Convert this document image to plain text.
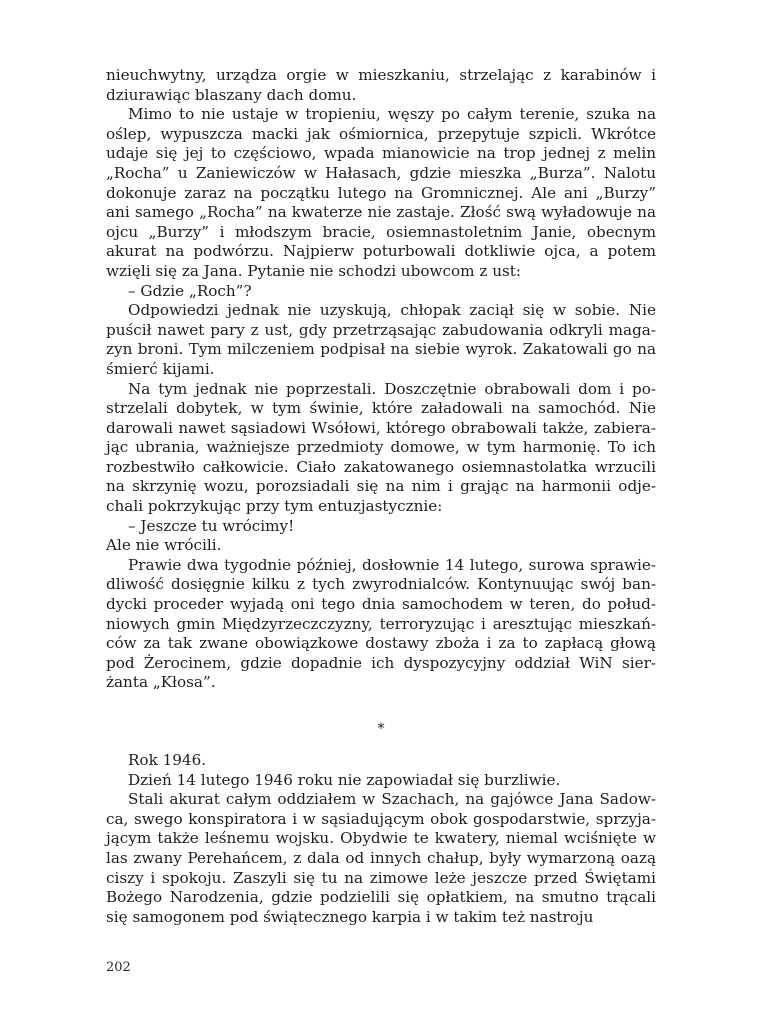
nieuchwytny, urządza orgie w mieszkaniu, strzelając z karabinów i dziurawiąc blaszany dach domu.

Mimo to nie ustaje w tropieniu, węszy po całym terenie, szuka na oślep, wypuszcza macki jak ośmiornica, przepytuje szpicli. Wkrótce udaje się jej to częściowo, wpada mianowicie na trop jednej z melin „Rocha” u Zaniewiczów w Hałasach, gdzie mieszka „Burza”. Nalotu dokonuje zaraz na początku lutego na Gromnicznej. Ale ani „Burzy” ani samego „Rocha” na kwaterze nie zastaje. Złość swą wyładowuje na ojcu „Burzy” i młodszym bracie, osiemnastoletnim Janie, obecnym akurat na podwórzu. Najpierw poturbowali dotkliwie ojca, a potem wzięli się za Jana. Pytanie nie schodzi ubowcom z ust:

– Gdzie „Roch”?

Odpowiedzi jednak nie uzyskują, chłopak zaciął się w sobie. Nie puścił nawet pary z ust, gdy przetrząsając zabudowania odkryli magazyn broni. Tym milczeniem podpisał na siebie wyrok. Zakatowali go na śmierć kijami.

Na tym jednak nie poprzestali. Doszczętnie obrabowali dom i postrzelali dobytek, w tym świnie, które załadowali na samochód. Nie darowali nawet sąsiadowi Wsółowi, którego obrabowali także, zabierając ubrania, ważniejsze przedmioty domowe, w tym harmonię. To ich rozbestwiło całkowicie. Ciało zakatowanego osiemnastolatka wrzucili na skrzynię wozu, porozsiadali się na nim i grając na harmonii odjechali pokrzykując przy tym entuzjastycznie:

– Jeszcze tu wrócimy!

Ale nie wrócili.

Prawie dwa tygodnie później, dosłownie 14 lutego, surowa sprawiedliwość dosięgnie kilku z tych zwyrodnialców. Kontynuując swój bandycki proceder wyjadą oni tego dnia samochodem w teren, do południowych gmin Międzyrzeczczyzny, terroryzując i aresztując mieszkańców za tak zwane obowiązkowe dostawy zboża i za to zapłacą głową pod Żerocinem, gdzie dopadnie ich dyspozycyjny oddział WiN sierżanta „Kłosa”.

*

Rok 1946.

Dzień 14 lutego 1946 roku nie zapowiadał się burzliwie.

Stali akurat całym oddziałem w Szachach, na gajówce Jana Sadowca, swego konspiratora i w sąsiadującym obok gospodarstwie, sprzyjającym także leśnemu wojsku. Obydwie te kwatery, niemal wciśnięte w las zwany Perehańcem, z dala od innych chałup, były wymarzoną oazą ciszy i spokoju. Zaszyli się tu na zimowe leże jeszcze przed Świętami Bożego Narodzenia, gdzie podzielili się opłatkiem, na smutno trącali się samogonem pod świątecznego karpia i w takim też nastroju

202
